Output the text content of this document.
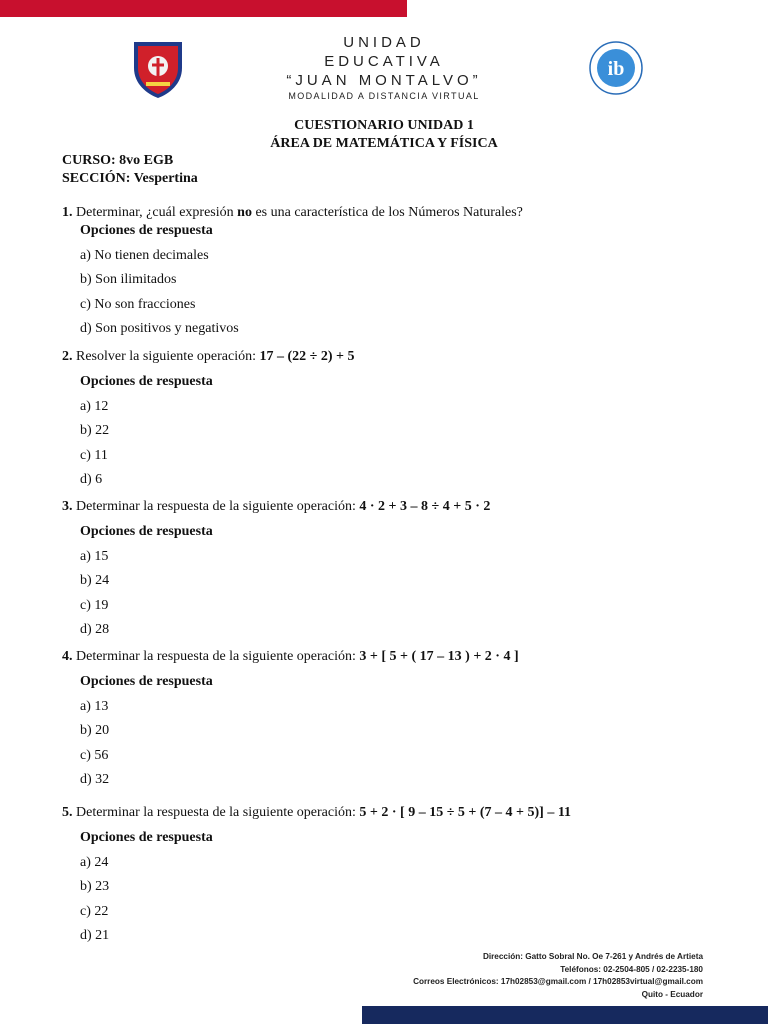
UNIDAD
EDUCATIVA
“JUAN MONTALVO”
MODALIDAD A DISTANCIA VIRTUAL
ib
CUESTIONARIO UNIDAD 1
ÁREA DE MATEMÁTICA Y FÍSICA
CURSO: 8vo EGB
SECCIÓN: Vespertina
1. Determinar, ¿cuál expresión no es una característica de los Números Naturales?
Opciones de respuesta
a) No tienen decimales
b) Son ilimitados
c) No son fracciones
d) Son positivos y negativos
2. Resolver la siguiente operación: 17 – (22 ÷ 2) + 5
Opciones de respuesta
a) 12
b) 22
c) 11
d) 6
3. Determinar la respuesta de la siguiente operación: 4 · 2 + 3 – 8 ÷ 4 + 5 · 2
Opciones de respuesta
a) 15
b) 24
c) 19
d) 28
4. Determinar la respuesta de la siguiente operación: 3 + [ 5 + ( 17 – 13 ) + 2 · 4 ]
Opciones de respuesta
a) 13
b) 20
c) 56
d) 32
5. Determinar la respuesta de la siguiente operación: 5 + 2 · [ 9 – 15 ÷ 5 + (7 – 4 + 5)] – 11
Opciones de respuesta
a) 24
b) 23
c) 22
d) 21
Dirección: Gatto Sobral No. Oe 7-261 y Andrés de Artieta
Teléfonos: 02-2504-805 / 02-2235-180
Correos Electrónicos: 17h02853@gmail.com / 17h02853virtual@gmail.com
Quito - Ecuador
